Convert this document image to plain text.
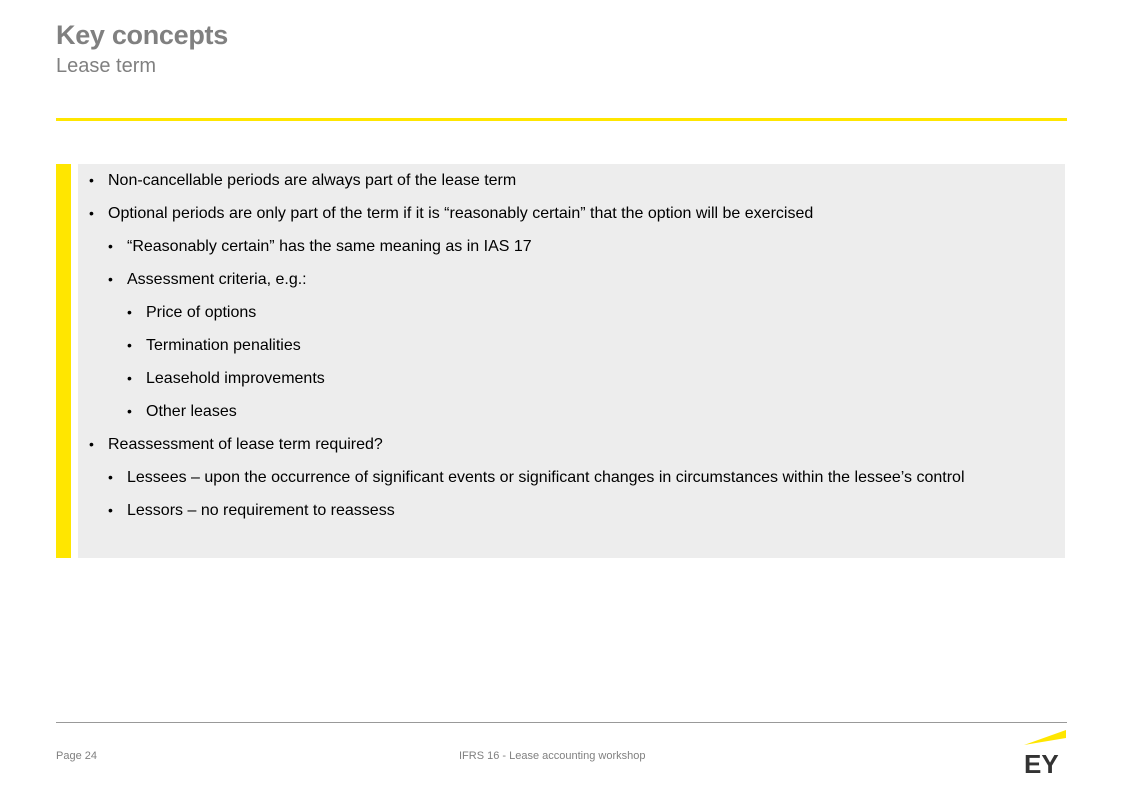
Key concepts
Lease term
• Non-cancellable periods are always part of the lease term
• Optional periods are only part of the term if it is “reasonably certain” that the option will be exercised
• “Reasonably certain” has the same meaning as in IAS 17
• Assessment criteria, e.g.:
• Price of options
• Termination penalities
• Leasehold improvements
• Other leases
• Reassessment of lease term required?
• Lessees – upon the occurrence of significant events or significant changes in circumstances within the lessee’s control
• Lessors – no requirement to reassess
Page 24	IFRS 16 - Lease accounting workshop	EY
